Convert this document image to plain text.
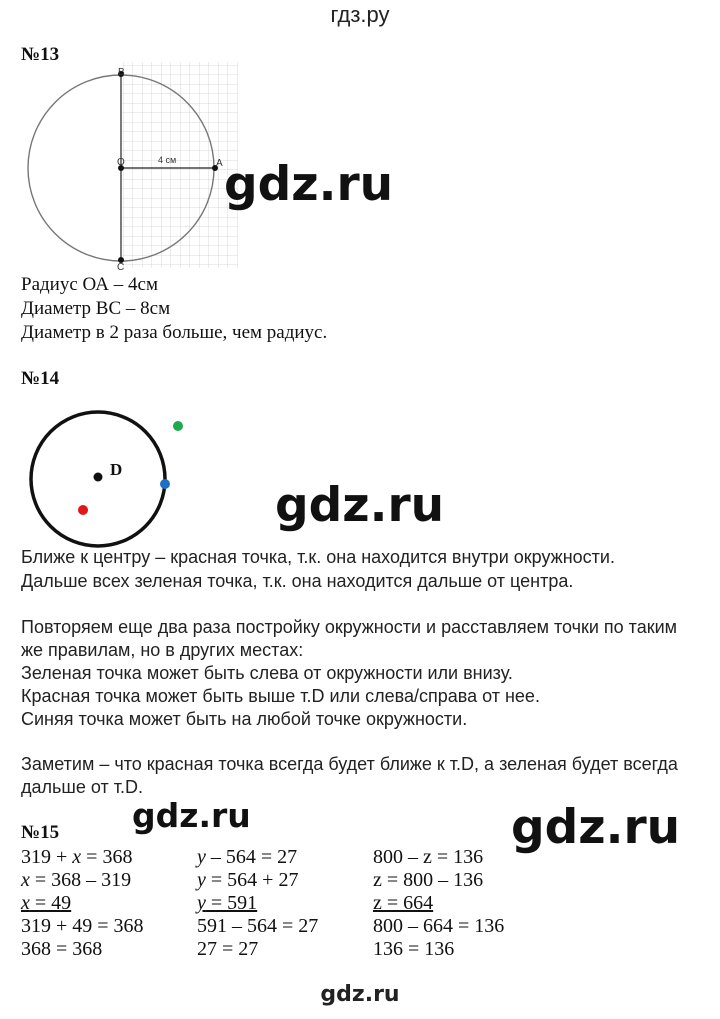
гдз.ру
№13
B
O	A
C
4 см gdz.ru
Радиус ОА – 4см
Диаметр ВС – 8см
Диаметр в 2 раза больше, чем радиус.
№14
D
gdz.ru
Ближе к центру – красная точка, т.к. она находится внутри окружности.
Дальше всех зеленая точка, т.к. она находится дальше от центра.
Повторяем еще два раза постройку окружности и расставляем точки по таким
же правилам, но в других местах:
Зеленая точка может быть слева от окружности или внизу.
Красная точка может быть выше т.D или слева/справа от нее.
Синяя точка может быть на любой точке окружности.
Заметим – что красная точка всегда будет ближе к т.D, а зеленая будет всегда
дальше от т.D.
gdz.ru	gdz.ru
№15
319 + x = 368
x = 368 – 319
x = 49
319 + 49 = 368
368 = 368
y – 564 = 27
y = 564 + 27
y = 591
591 – 564 = 27
27 = 27
800 – z = 136
z = 800 – 136
z = 664
800 – 664 = 136
136 = 136
gdz.ru
